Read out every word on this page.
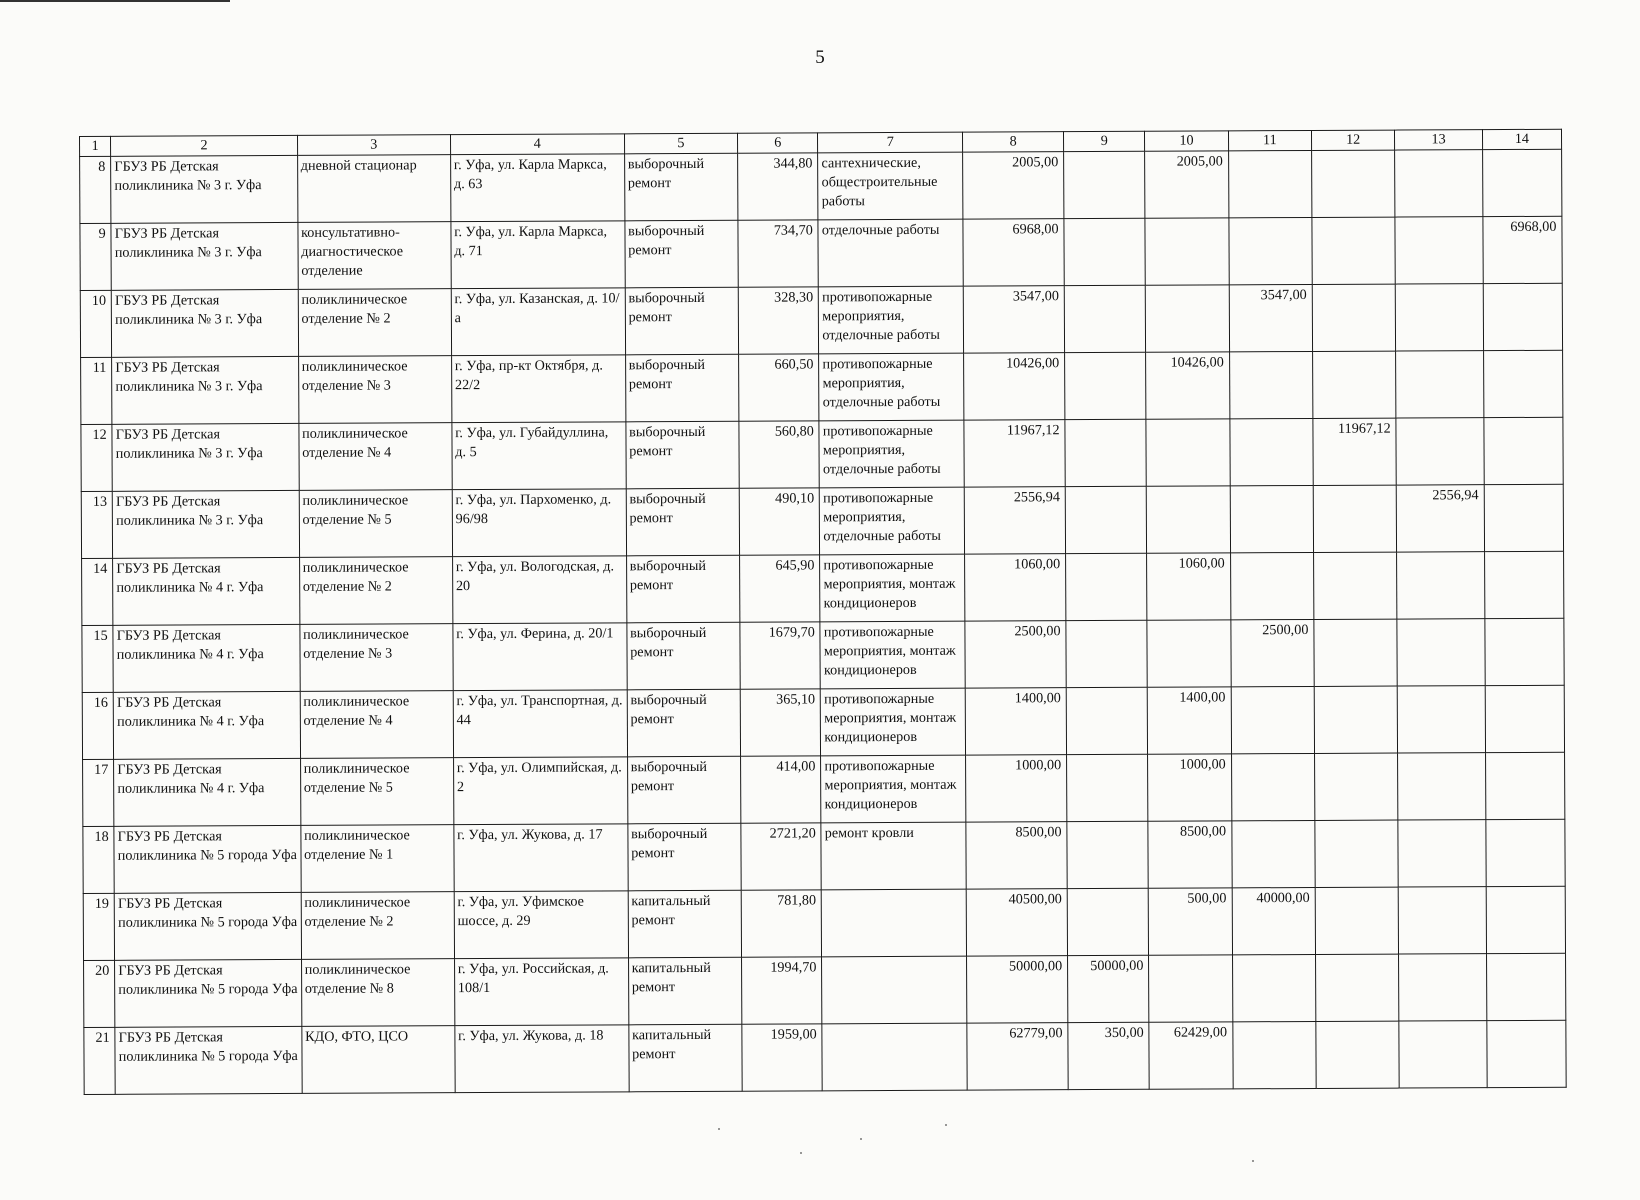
5
1	2	3	4	5	6	7	8	9	10	11	12	13	14
8	ГБУЗ РБ Детская поликлиника № 3 г. Уфа	дневной стационар	г. Уфа, ул. Карла Маркса, д. 63	выборочный ремонт	344,80	сантехнические, общестроительные работы	2005,00		2005,00				
9	ГБУЗ РБ Детская поликлиника № 3 г. Уфа	консультативно-диагностическое отделение	г. Уфа, ул. Карла Маркса, д. 71	выборочный ремонт	734,70	отделочные работы	6968,00						6968,00
10	ГБУЗ РБ Детская поликлиника № 3 г. Уфа	поликлиническое отделение № 2	г. Уфа, ул. Казанская, д. 10/а	выборочный ремонт	328,30	противопожарные мероприятия, отделочные работы	3547,00			3547,00			
11	ГБУЗ РБ Детская поликлиника № 3 г. Уфа	поликлиническое отделение № 3	г. Уфа, пр-кт Октября, д. 22/2	выборочный ремонт	660,50	противопожарные мероприятия, отделочные работы	10426,00		10426,00				
12	ГБУЗ РБ Детская поликлиника № 3 г. Уфа	поликлиническое отделение № 4	г. Уфа, ул. Губайдуллина, д. 5	выборочный ремонт	560,80	противопожарные мероприятия, отделочные работы	11967,12				11967,12		
13	ГБУЗ РБ Детская поликлиника № 3 г. Уфа	поликлиническое отделение № 5	г. Уфа, ул. Пархоменко, д. 96/98	выборочный ремонт	490,10	противопожарные мероприятия, отделочные работы	2556,94					2556,94	
14	ГБУЗ РБ Детская поликлиника № 4 г. Уфа	поликлиническое отделение № 2	г. Уфа, ул. Вологодская, д. 20	выборочный ремонт	645,90	противопожарные мероприятия, монтаж кондиционеров	1060,00		1060,00				
15	ГБУЗ РБ Детская поликлиника № 4 г. Уфа	поликлиническое отделение № 3	г. Уфа, ул. Ферина, д. 20/1	выборочный ремонт	1679,70	противопожарные мероприятия, монтаж кондиционеров	2500,00			2500,00			
16	ГБУЗ РБ Детская поликлиника № 4 г. Уфа	поликлиническое отделение № 4	г. Уфа, ул. Транспортная, д. 44	выборочный ремонт	365,10	противопожарные мероприятия, монтаж кондиционеров	1400,00		1400,00				
17	ГБУЗ РБ Детская поликлиника № 4 г. Уфа	поликлиническое отделение № 5	г. Уфа, ул. Олимпийская, д. 2	выборочный ремонт	414,00	противопожарные мероприятия, монтаж кондиционеров	1000,00		1000,00				
18	ГБУЗ РБ Детская поликлиника № 5 города Уфа	поликлиническое отделение № 1	г. Уфа, ул. Жукова, д. 17	выборочный ремонт	2721,20	ремонт кровли	8500,00		8500,00				
19	ГБУЗ РБ Детская поликлиника № 5 города Уфа	поликлиническое отделение № 2	г. Уфа, ул. Уфимское шоссе, д. 29	капитальный ремонт	781,80		40500,00		500,00	40000,00			
20	ГБУЗ РБ Детская поликлиника № 5 города Уфа	поликлиническое отделение № 8	г. Уфа, ул. Российская, д. 108/1	капитальный ремонт	1994,70		50000,00	50000,00					
21	ГБУЗ РБ Детская поликлиника № 5 города Уфа	КДО, ФТО, ЦСО	г. Уфа, ул. Жукова, д. 18	капитальный ремонт	1959,00		62779,00	350,00	62429,00				
